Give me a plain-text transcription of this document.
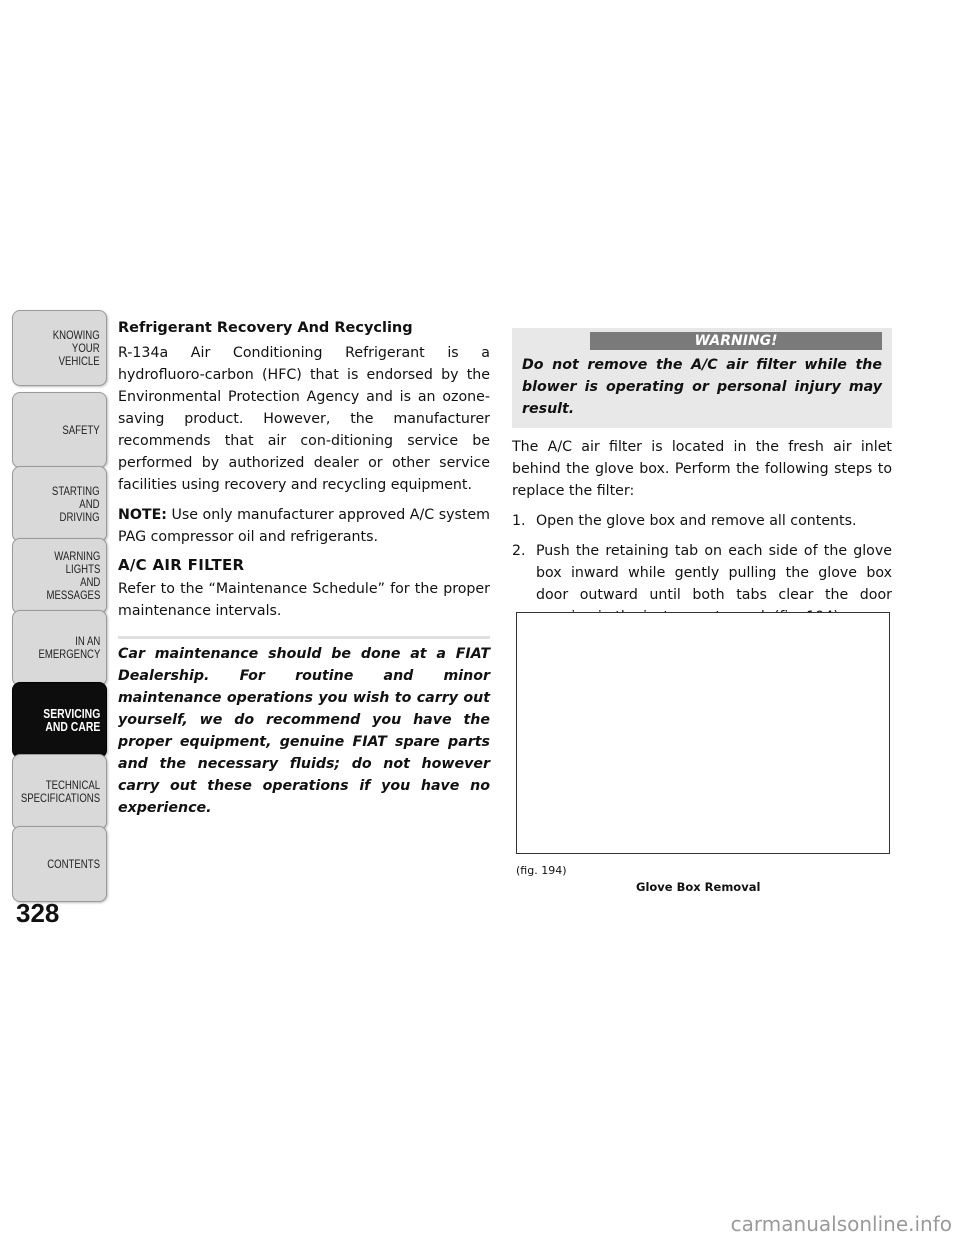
KNOWING
YOUR
VEHICLE
SAFETY
STARTING
AND
DRIVING
WARNING
LIGHTS
AND
MESSAGES
IN AN
EMERGENCY
SERVICING
AND CARE
TECHNICAL
SPECIFICATIONS
CONTENTS
328
Refrigerant Recovery And Recycling

R-134a Air Conditioning Refrigerant is a hydrofluoro-carbon (HFC) that is endorsed by the Environmental Protection Agency and is an ozone-saving product. However, the manufacturer recommends that air con-ditioning service be performed by authorized dealer or other service facilities using recovery and recycling equipment.

NOTE: Use only manufacturer approved A/C system PAG compressor oil and refrigerants.

A/C AIR FILTER

Refer to the “Maintenance Schedule” for the proper maintenance intervals.

Car maintenance should be done at a FIAT Dealership. For routine and minor maintenance operations you wish to carry out yourself, we do recommend you have the proper equipment, genuine FIAT spare parts and the necessary fluids; do not however carry out these operations if you have no experience.

WARNING!

Do not remove the A/C air filter while the blower is operating or personal injury may result.

The A/C air filter is located in the fresh air inlet behind the glove box. Perform the following steps to replace the filter:

1. Open the glove box and remove all contents.
2. Push the retaining tab on each side of the glove box inward while gently pulling the glove box door outward until both tabs clear the door
(fig. 194)
Glove Box Removal
carmanualsonline.info
